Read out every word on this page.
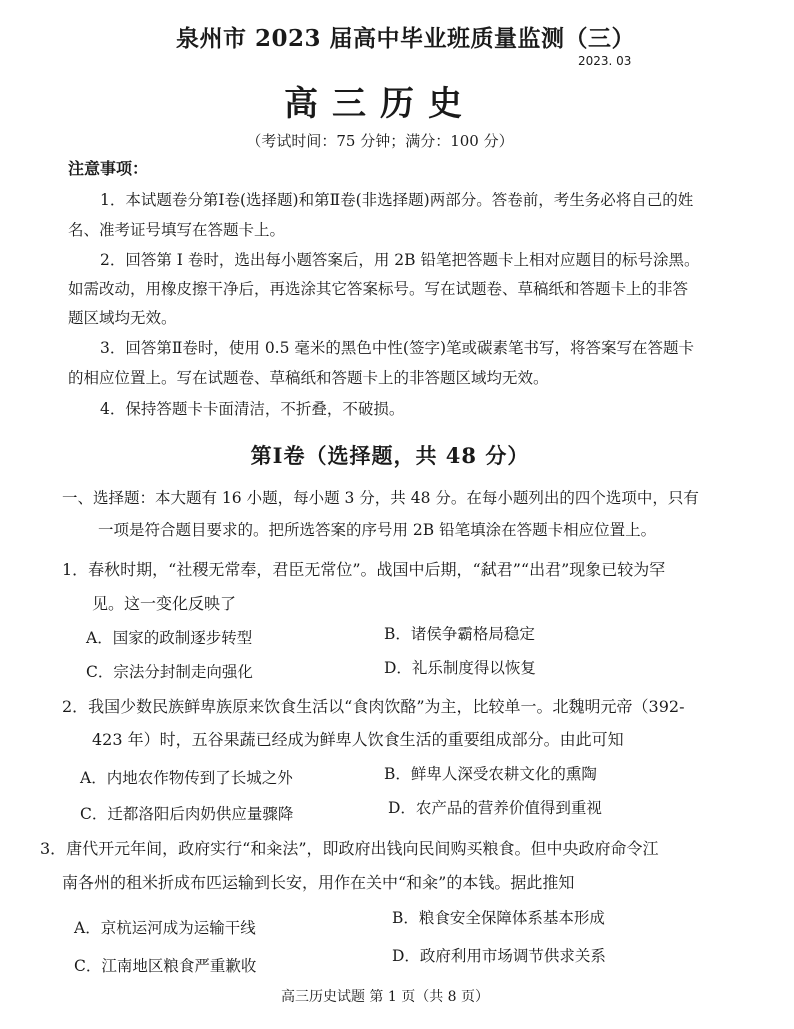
泉州市 2023 届高中毕业班质量监测（三）
2023. 03
高三历史
（考试时间：75 分钟；满分：100 分）
注意事项：
1．本试题卷分第Ⅰ卷(选择题)和第Ⅱ卷(非选择题)两部分。答卷前，考生务必将自己的姓
名、准考证号填写在答题卡上。
2．回答第 Ⅰ 卷时，选出每小题答案后，用 2B 铅笔把答题卡上相对应题目的标号涂黑。
如需改动，用橡皮擦干净后，再选涂其它答案标号。写在试题卷、草稿纸和答题卡上的非答
题区域均无效。
3．回答第Ⅱ卷时，使用 0.5 毫米的黑色中性(签字)笔或碳素笔书写，将答案写在答题卡
的相应位置上。写在试题卷、草稿纸和答题卡上的非答题区域均无效。
4．保持答题卡卡面清洁，不折叠，不破损。
第Ⅰ卷（选择题，共 48 分）
一、选择题：本大题有 16 小题，每小题 3 分，共 48 分。在每小题列出的四个选项中，只有
一项是符合题目要求的。把所选答案的序号用 2B 铅笔填涂在答题卡相应位置上。
1．春秋时期，“社稷无常奉，君臣无常位”。战国中后期，“弑君”“出君”现象已较为罕
见。这一变化反映了
A．国家的政制逐步转型	B．诸侯争霸格局稳定
C．宗法分封制走向强化	D．礼乐制度得以恢复
2．我国少数民族鲜卑族原来饮食生活以“食肉饮酪”为主，比较单一。北魏明元帝（392-
423 年）时，五谷果蔬已经成为鲜卑人饮食生活的重要组成部分。由此可知
A．内地农作物传到了长城之外	B．鲜卑人深受农耕文化的熏陶
C．迁都洛阳后肉奶供应量骤降	D．农产品的营养价值得到重视
3．唐代开元年间，政府实行“和籴法”，即政府出钱向民间购买粮食。但中央政府命令江
南各州的租米折成布匹运输到长安，用作在关中“和籴”的本钱。据此推知
A．京杭运河成为运输干线
B．粮食安全保障体系基本形成
C．江南地区粮食严重歉收
D．政府利用市场调节供求关系
高三历史试题 第 1 页（共 8 页）
